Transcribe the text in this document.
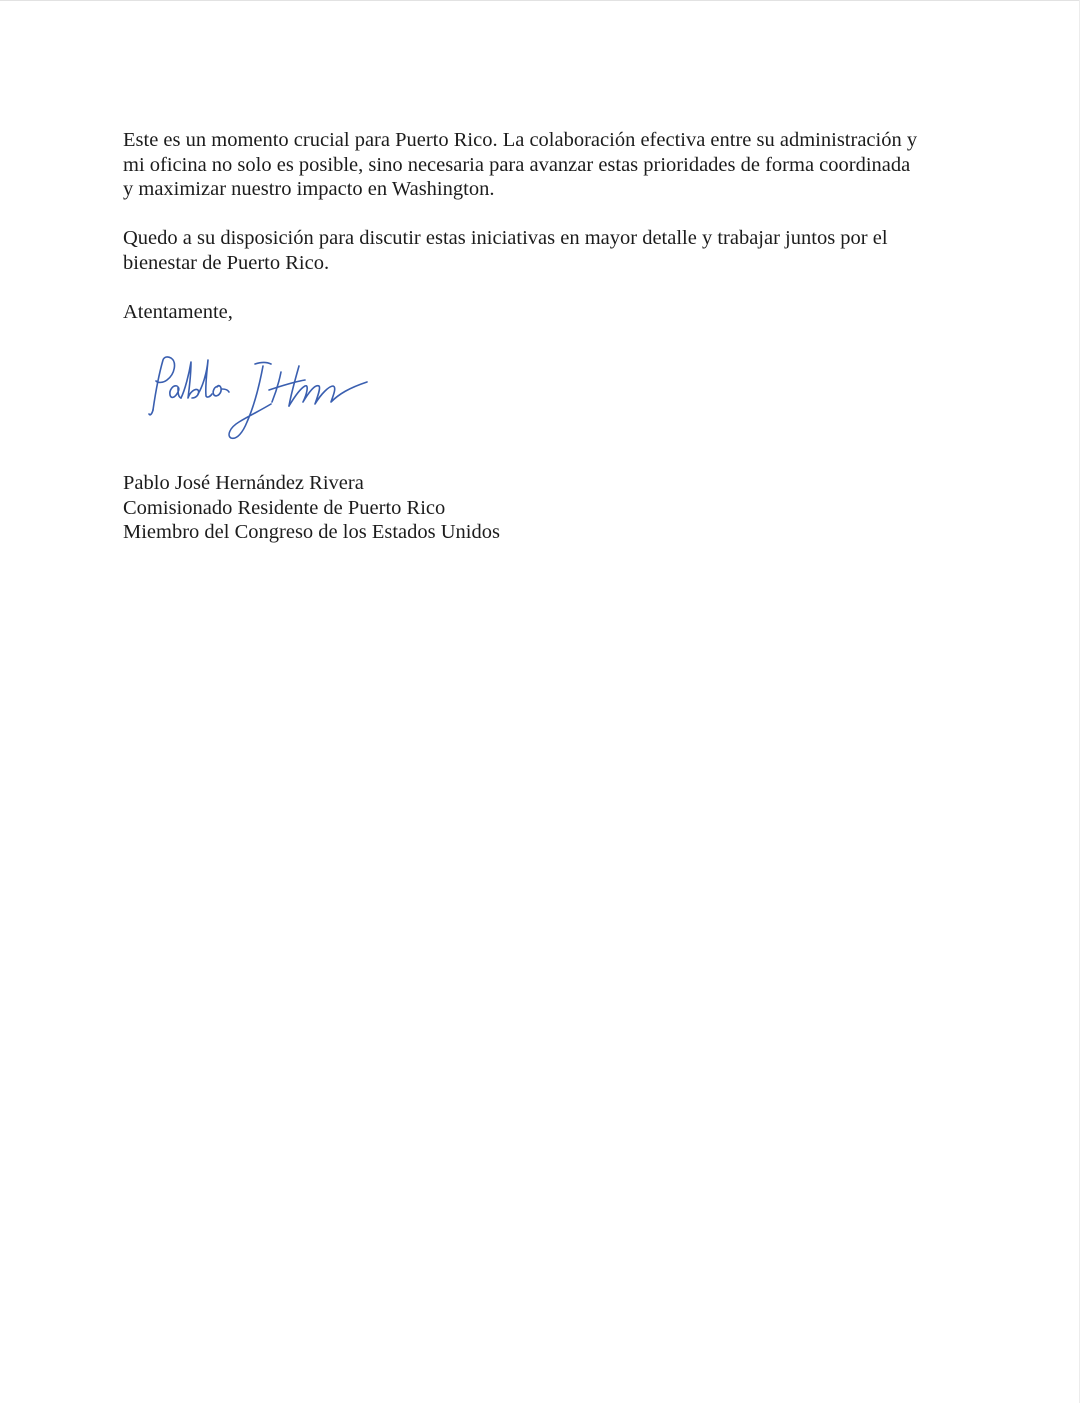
Este es un momento crucial para Puerto Rico. La colaboración efectiva entre su administración y
mi oficina no solo es posible, sino necesaria para avanzar estas prioridades de forma coordinada
y maximizar nuestro impacto en Washington.

Quedo a su disposición para discutir estas iniciativas en mayor detalle y trabajar juntos por el
bienestar de Puerto Rico.

Atentamente,

Pablo José Hernández Rivera
Comisionado Residente de Puerto Rico
Miembro del Congreso de los Estados Unidos
